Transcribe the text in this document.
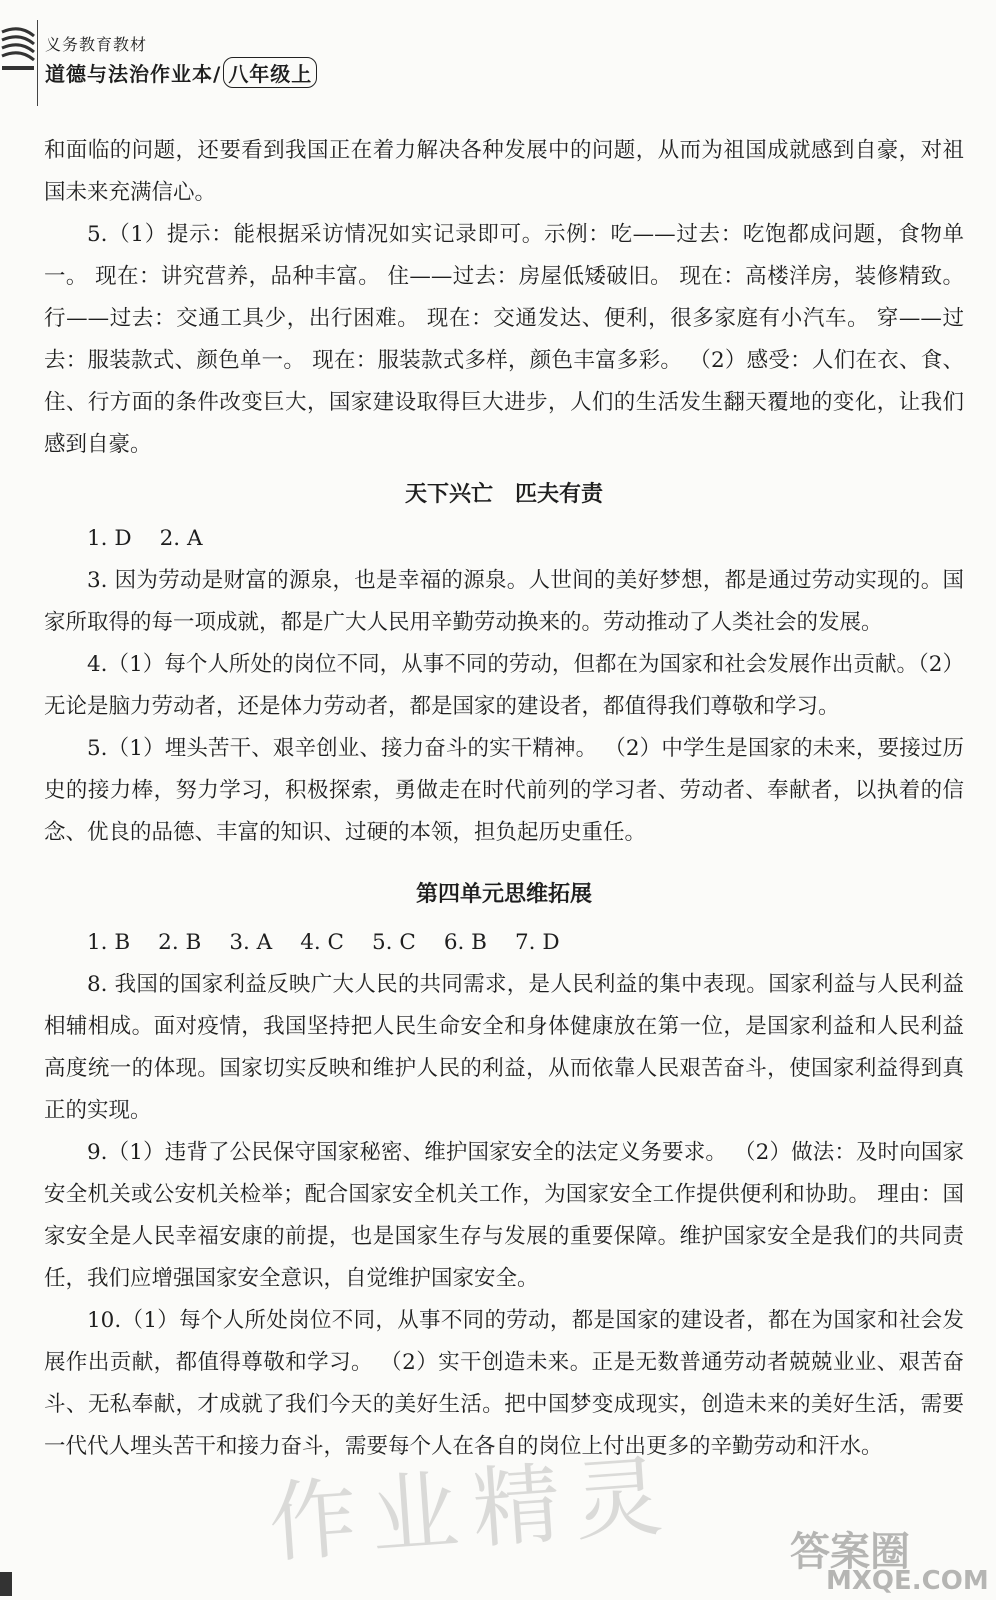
义务教育教材
道德与法治作业本/ 八年级上

和面临的问题，还要看到我国正在着力解决各种发展中的问题，从而为祖国成就感到自豪，对祖国未来充满信心。

5.（1）提示：能根据采访情况如实记录即可。示例：吃——过去：吃饱都成问题，食物单一。 现在：讲究营养，品种丰富。 住——过去：房屋低矮破旧。 现在：高楼洋房，装修精致。 行——过去：交通工具少，出行困难。 现在：交通发达、便利，很多家庭有小汽车。 穿——过去：服装款式、颜色单一。 现在：服装款式多样，颜色丰富多彩。 （2）感受：人们在衣、食、住、行方面的条件改变巨大，国家建设取得巨大进步，人们的生活发生翻天覆地的变化，让我们感到自豪。

天下兴亡　匹夫有责

1. D 2. A

3. 因为劳动是财富的源泉，也是幸福的源泉。人世间的美好梦想，都是通过劳动实现的。国家所取得的每一项成就，都是广大人民用辛勤劳动换来的。劳动推动了人类社会的发展。

4.（1）每个人所处的岗位不同，从事不同的劳动，但都在为国家和社会发展作出贡献。（2）无论是脑力劳动者，还是体力劳动者，都是国家的建设者，都值得我们尊敬和学习。

5.（1）埋头苦干、艰辛创业、接力奋斗的实干精神。 （2）中学生是国家的未来，要接过历史的接力棒，努力学习，积极探索，勇做走在时代前列的学习者、劳动者、奉献者，以执着的信念、优良的品德、丰富的知识、过硬的本领，担负起历史重任。

第四单元思维拓展

1. B 2. B 3. A 4. C 5. C 6. B 7. D

8. 我国的国家利益反映广大人民的共同需求，是人民利益的集中表现。国家利益与人民利益相辅相成。面对疫情，我国坚持把人民生命安全和身体健康放在第一位，是国家利益和人民利益高度统一的体现。国家切实反映和维护人民的利益，从而依靠人民艰苦奋斗，使国家利益得到真正的实现。

9.（1）违背了公民保守国家秘密、维护国家安全的法定义务要求。 （2）做法：及时向国家安全机关或公安机关检举；配合国家安全机关工作，为国家安全工作提供便利和协助。 理由：国家安全是人民幸福安康的前提，也是国家生存与发展的重要保障。维护国家安全是我们的共同责任，我们应增强国家安全意识，自觉维护国家安全。

10.（1）每个人所处岗位不同，从事不同的劳动，都是国家的建设者，都在为国家和社会发展作出贡献，都值得尊敬和学习。 （2）实干创造未来。正是无数普通劳动者兢兢业业、艰苦奋斗、无私奉献，才成就了我们今天的美好生活。把中国梦变成现实，创造未来的美好生活，需要一代代人埋头苦干和接力奋斗，需要每个人在各自的岗位上付出更多的辛勤劳动和汗水。

作业精灵	答案圈
MXQE.COM
